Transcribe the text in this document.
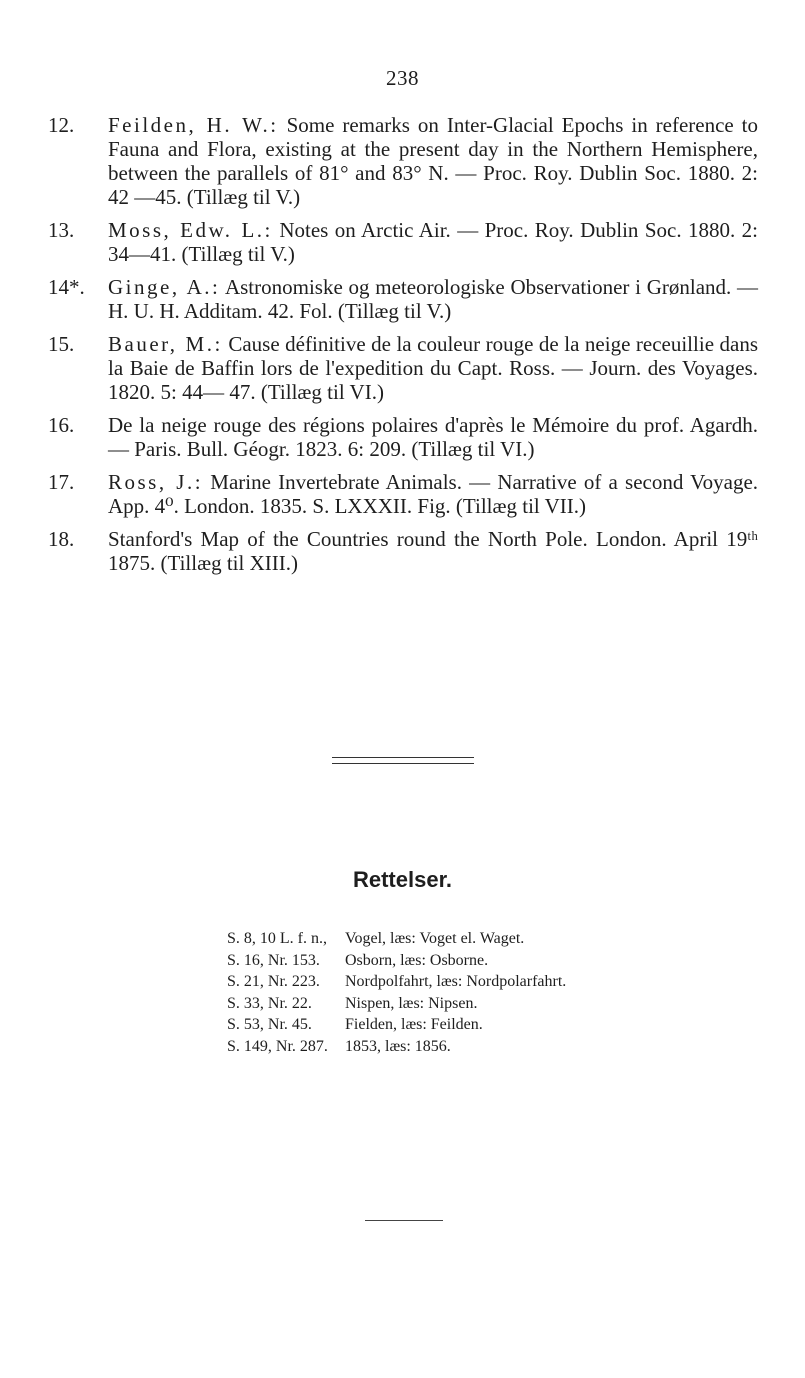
238
12. Feilden, H. W.: Some remarks on Inter-Glacial Epochs in reference to Fauna and Flora, existing at the present day in the Northern Hemisphere, between the parallels of 81° and 83° N. — Proc. Roy. Dublin Soc. 1880. 2: 42 —45. (Tillæg til V.)
13. Moss, Edw. L.: Notes on Arctic Air. — Proc. Roy. Dublin Soc. 1880. 2: 34—41. (Tillæg til V.)
14*. Ginge, A.: Astronomiske og meteorologiske Observationer i Grønland. — H. U. H. Additam. 42. Fol. (Tillæg til V.)
15. Bauer, M.: Cause définitive de la couleur rouge de la neige receuillie dans la Baie de Baffin lors de l'expedition du Capt. Ross. — Journ. des Voyages. 1820. 5: 44— 47. (Tillæg til VI.)
16. De la neige rouge des régions polaires d'après le Mémoire du prof. Agardh. — Paris. Bull. Géogr. 1823. 6: 209. (Tillæg til VI.)
17. Ross, J.: Marine Invertebrate Animals. — Narrative of a second Voyage. App. 4⁰. London. 1835. S. LXXXII. Fig. (Tillæg til VII.)
18. Stanford's Map of the Countries round the North Pole. London. April 19ᵗʰ 1875. (Tillæg til XIII.)
Rettelser.
S. 8, 10 L. f. n.,	Vogel, læs: Voget el. Waget.
S. 16, Nr. 153.	Osborn, læs: Osborne.
S. 21, Nr. 223.	Nordpolfahrt, læs: Nordpolarfahrt.
S. 33, Nr. 22.	Nispen, læs: Nipsen.
S. 53, Nr. 45.	Fielden, læs: Feilden.
S. 149, Nr. 287.	1853, læs: 1856.
